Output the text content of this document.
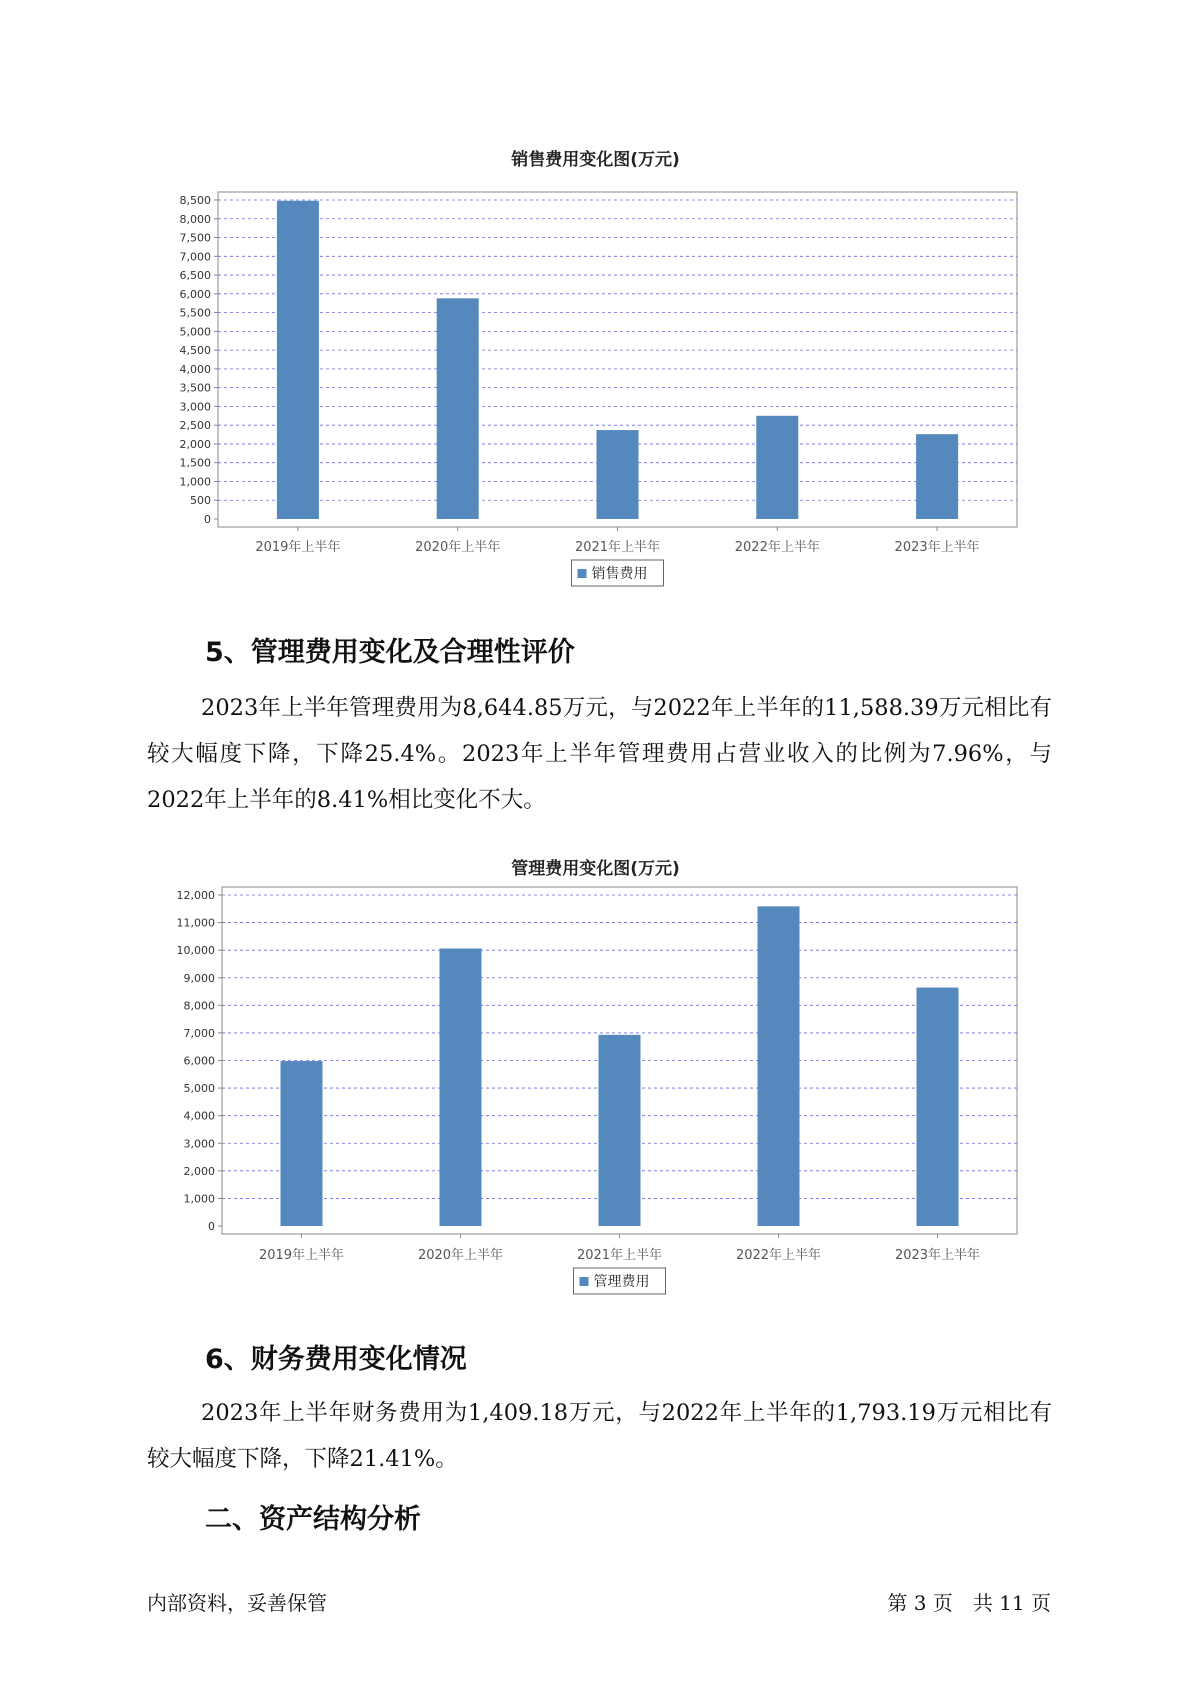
销售费用变化图(万元)
0
500
1,000
1,500
2,000
2,500
3,000
3,500
4,000
4,500
5,000
5,500
6,000
6,500
7,000
7,500
8,000
8,500
2019年上半年	2020年上半年	2021年上半年	2022年上半年	2023年上半年
销售费用
5、管理费用变化及合理性评价

2023年上半年管理费用为8,644.85万元，与2022年上半年的11,588.39万元相比有较大幅度下降，下降25.4%。2023年上半年管理费用占营业收入的比例为7.96%，与2022年上半年的8.41%相比变化不大。

管理费用变化图(万元)
0
1,000
2,000
3,000
4,000
5,000
6,000
7,000
8,000
9,000
10,000
11,000
12,000
2019年上半年	2020年上半年	2021年上半年	2022年上半年	2023年上半年
管理费用
6、财务费用变化情况

2023年上半年财务费用为1,409.18万元，与2022年上半年的1,793.19万元相比有较大幅度下降，下降21.41%。

二、资产结构分析
内部资料，妥善保管	第 3 页　共 11 页
